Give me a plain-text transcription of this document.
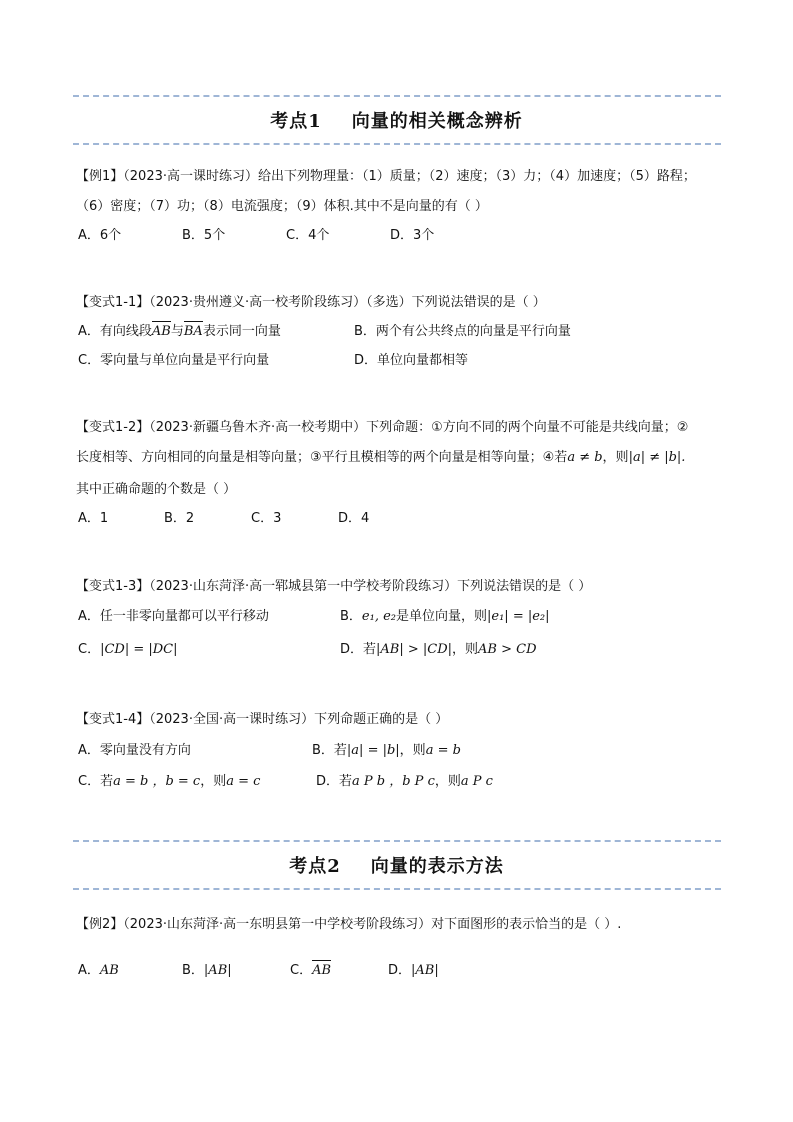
考点1 向量的相关概念辨析
【例1】（2023·高一课时练习）给出下列物理量：（1）质量；（2）速度；（3）力；（4）加速度；（5）路程；
（6）密度；（7）功；（8）电流强度；（9）体积.其中不是向量的有（ ）
A．6个	B．5个	C．4个	D．3个
【变式1-1】（2023·贵州遵义·高一校考阶段练习）（多选）下列说法错误的是（ ）
A．有向线段AB与BA表示同一向量	B．两个有公共终点的向量是平行向量
C．零向量与单位向量是平行向量	D．单位向量都相等
【变式1-2】（2023·新疆乌鲁木齐·高一校考期中）下列命题：①方向不同的两个向量不可能是共线向量；②
长度相等、方向相同的向量是相等向量；③平行且模相等的两个向量是相等向量；④若a ≠ b，则|a| ≠ |b|.
其中正确命题的个数是（ ）
A．1	B．2	C．3	D．4
【变式1-3】（2023·山东菏泽·高一郓城县第一中学校考阶段练习）下列说法错误的是（ ）
A．任一非零向量都可以平行移动	B．e₁, e₂是单位向量，则|e₁| = |e₂|
C．|CD| = |DC|	D．若|AB| > |CD|，则AB > CD
【变式1-4】（2023·全国·高一课时练习）下列命题正确的是（ ）
A．零向量没有方向	B．若|a| = |b|，则a = b
C．若a = b ，b = c，则a = c	D．若a P b ，b P c，则a P c
考点2 向量的表示方法
【例2】（2023·山东菏泽·高一东明县第一中学校考阶段练习）对下面图形的表示恰当的是（ ）.
A．AB	B．|AB|	C．AB	D．|AB|
